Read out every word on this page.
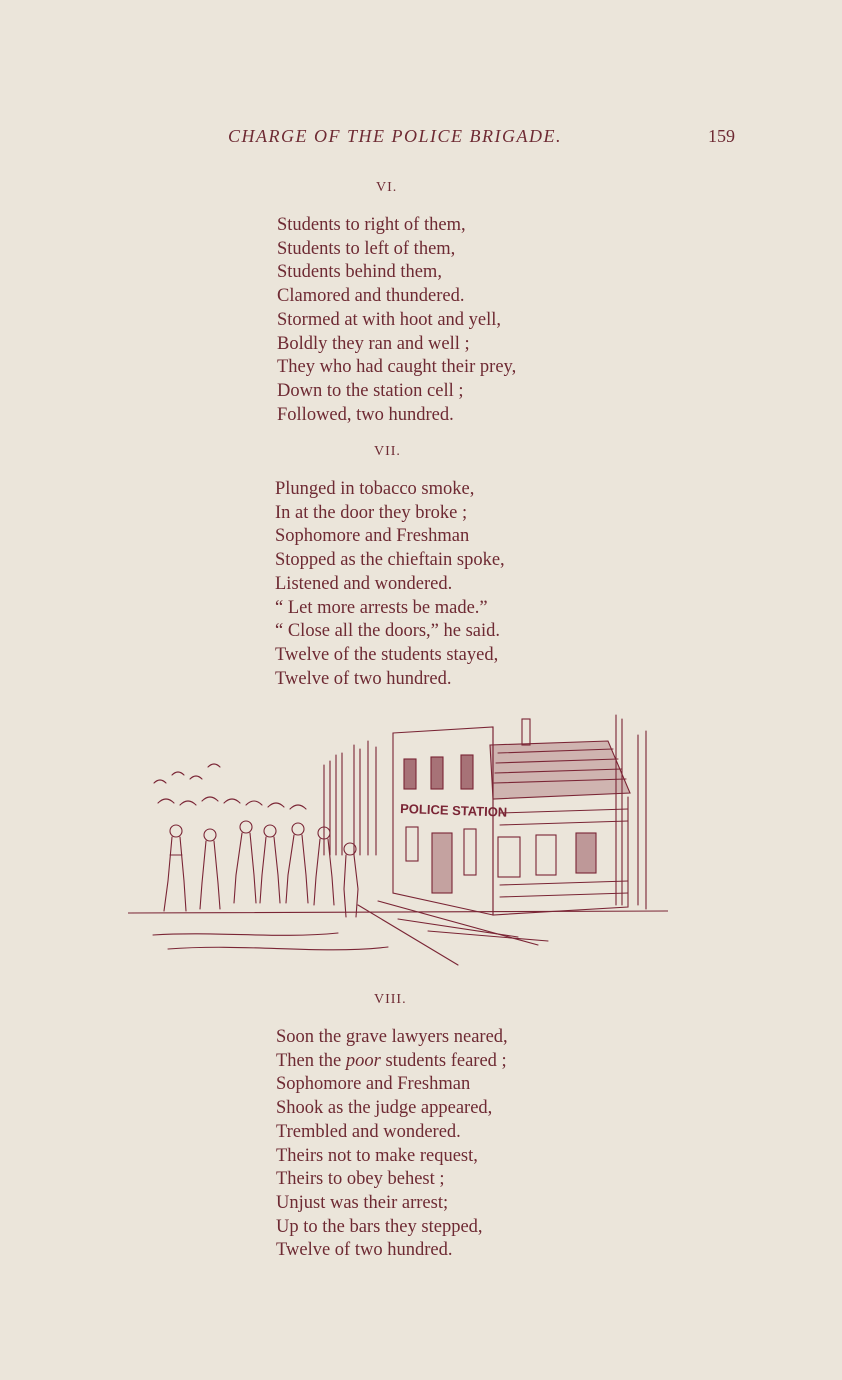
CHARGE OF THE POLICE BRIGADE.	159
VI.
Students to right of them,
Students to left of them,
Students behind them,
Clamored and thundered.
Stormed at with hoot and yell,
Boldly they ran and well ;
They who had caught their prey,
Down to the station cell ;
Followed, two hundred.
VII.
Plunged in tobacco smoke,
In at the door they broke ;
Sophomore and Freshman
Stopped as the chieftain spoke,
Listened and wondered.
“ Let more arrests be made.”
“ Close all the doors,” he said.
Twelve of the students stayed,
Twelve of two hundred.
POLICE STATION
VIII.
Soon the grave lawyers neared,
Then the poor students feared ;
Sophomore and Freshman
Shook as the judge appeared,
Trembled and wondered.
Theirs not to make request,
Theirs to obey behest ;
Unjust was their arrest;
Up to the bars they stepped,
Twelve of two hundred.
